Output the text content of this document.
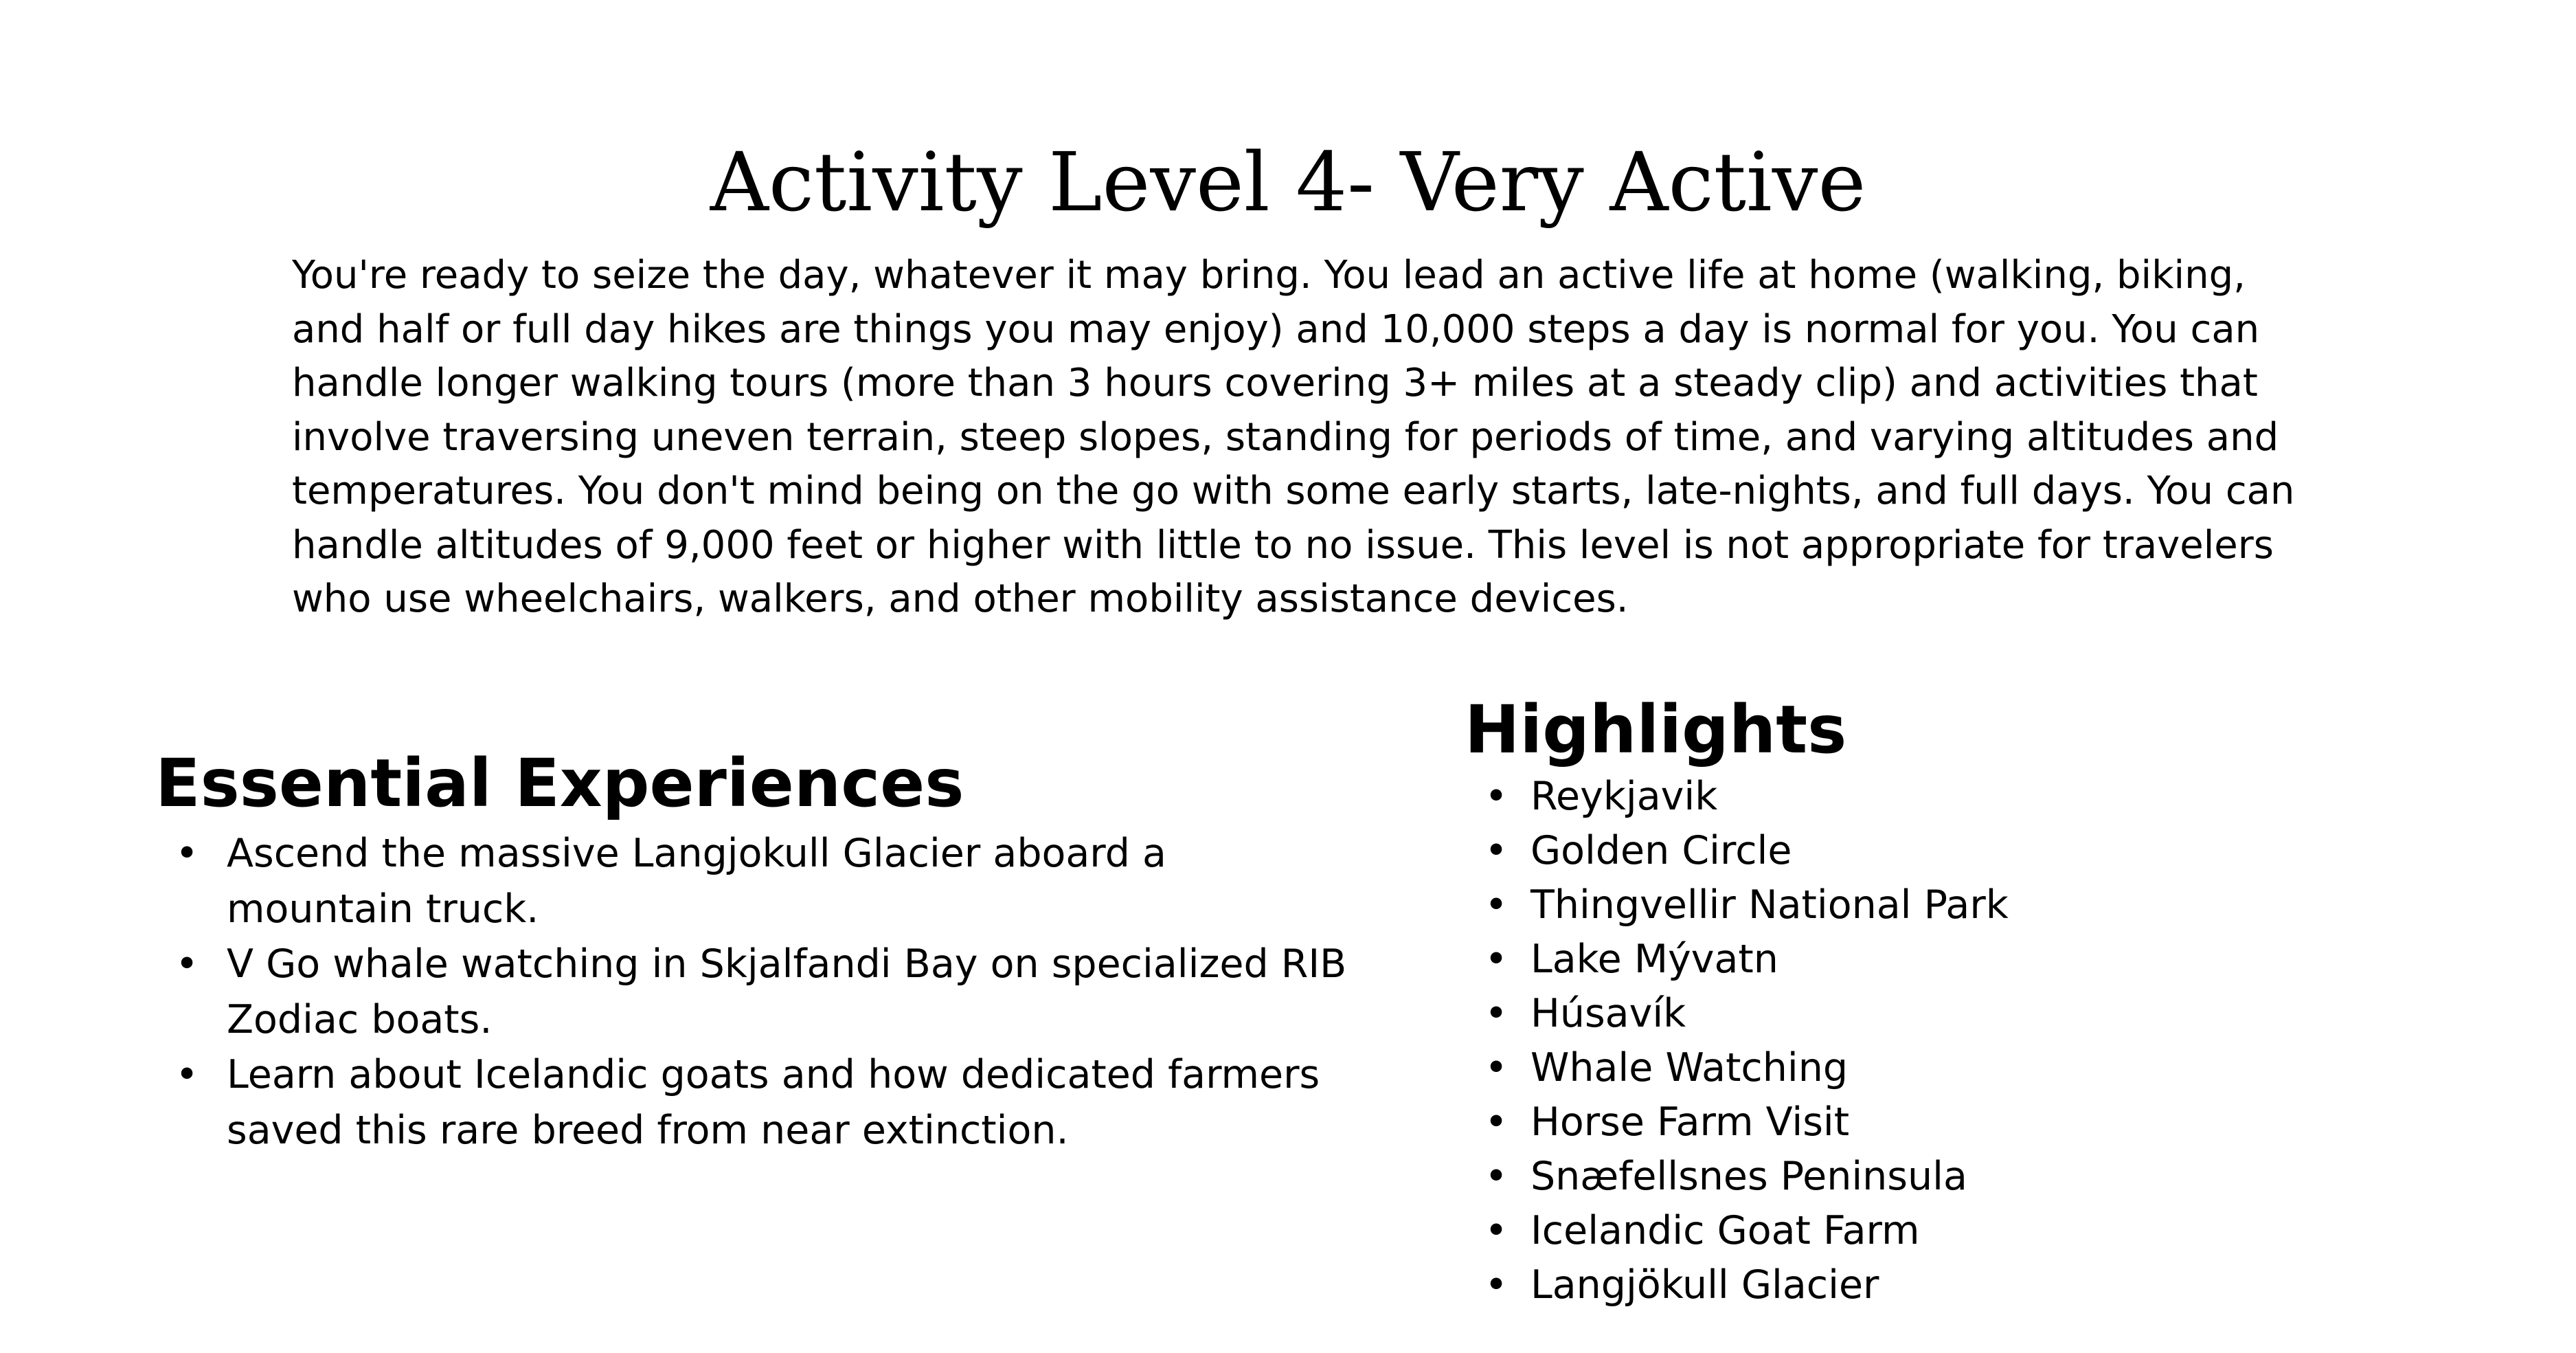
Activity Level 4- Very Active

You're ready to seize the day, whatever it may bring. You lead an active life at home (walking, biking, and half or full day hikes are things you may enjoy) and 10,000 steps a day is normal for you. You can handle longer walking tours (more than 3 hours covering 3+ miles at a steady clip) and activities that involve traversing uneven terrain, steep slopes, standing for periods of time, and varying altitudes and temperatures. You don't mind being on the go with some early starts, late-nights, and full days. You can handle altitudes of 9,000 feet or higher with little to no issue. This level is not appropriate for travelers who use wheelchairs, walkers, and other mobility assistance devices.

Essential Experiences
• Ascend the massive Langjokull Glacier aboard a mountain truck.
• V Go whale watching in Skjalfandi Bay on specialized RIB Zodiac boats.
• Learn about Icelandic goats and how dedicated farmers saved this rare breed from near extinction.
Highlights
• Reykjavik
• Golden Circle
• Thingvellir National Park
• Lake Mývatn
• Húsavík
• Whale Watching
• Horse Farm Visit
• Snæfellsnes Peninsula
• Icelandic Goat Farm
• Langjökull Glacier
